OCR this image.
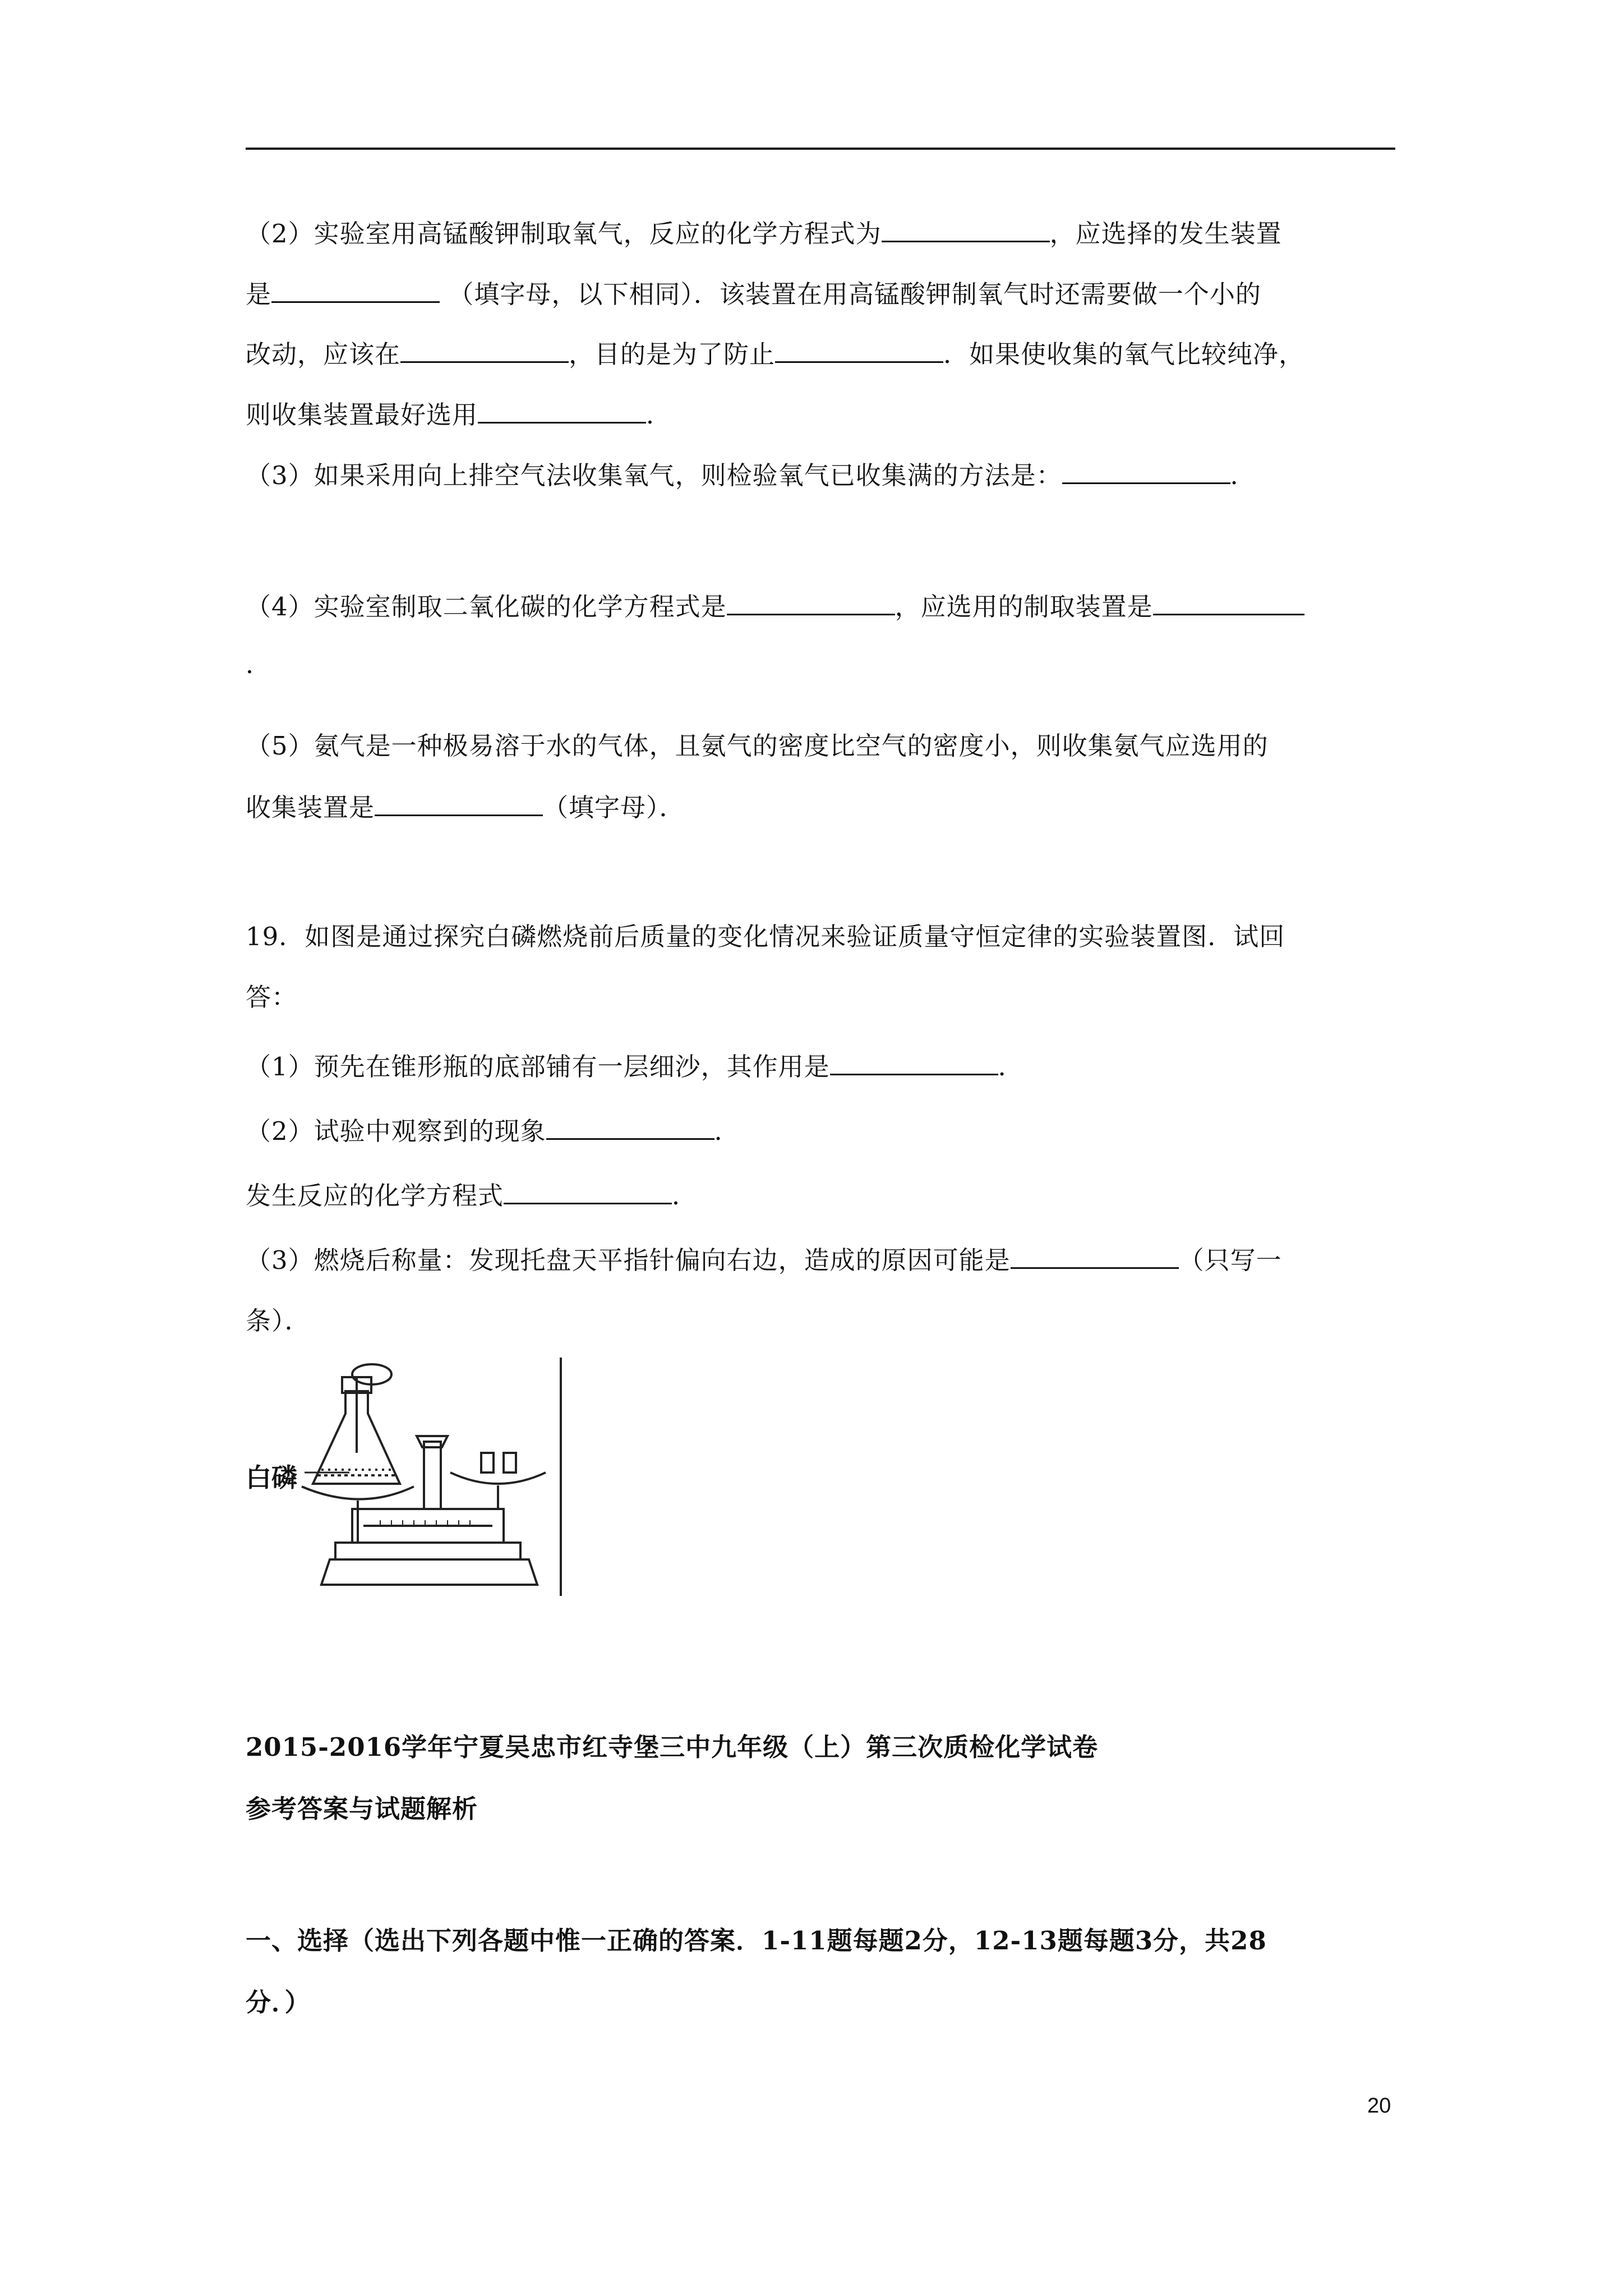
（2）实验室用高锰酸钾制取氧气，反应的化学方程式为	，应选择的发生装置
是	（填字母，以下相同）．该装置在用高锰酸钾制氧气时还需要做一个小的
改动，应该在	，目的是为了防止	．如果使收集的氧气比较纯净，
则收集装置最好选用	．
（3）如果采用向上排空气法收集氧气，则检验氧气已收集满的方法是：	．
（4）实验室制取二氧化碳的化学方程式是	，应选用的制取装置是
．
（5）氨气是一种极易溶于水的气体，且氨气的密度比空气的密度小，则收集氨气应选用的
收集装置是	（填字母）．
19．如图是通过探究白磷燃烧前后质量的变化情况来验证质量守恒定律的实验装置图．试回
答：
（1）预先在锥形瓶的底部铺有一层细沙，其作用是	．
（2）试验中观察到的现象	．
发生反应的化学方程式	．
（3）燃烧后称量：发现托盘天平指针偏向右边，造成的原因可能是	（只写一
条）．
白磷
2015-2016学年宁夏吴忠市红寺堡三中九年级（上）第三次质检化学试卷
参考答案与试题解析
一、选择（选出下列各题中惟一正确的答案．1-11题每题2分，12-13题每题3分，共28
分．）
20
